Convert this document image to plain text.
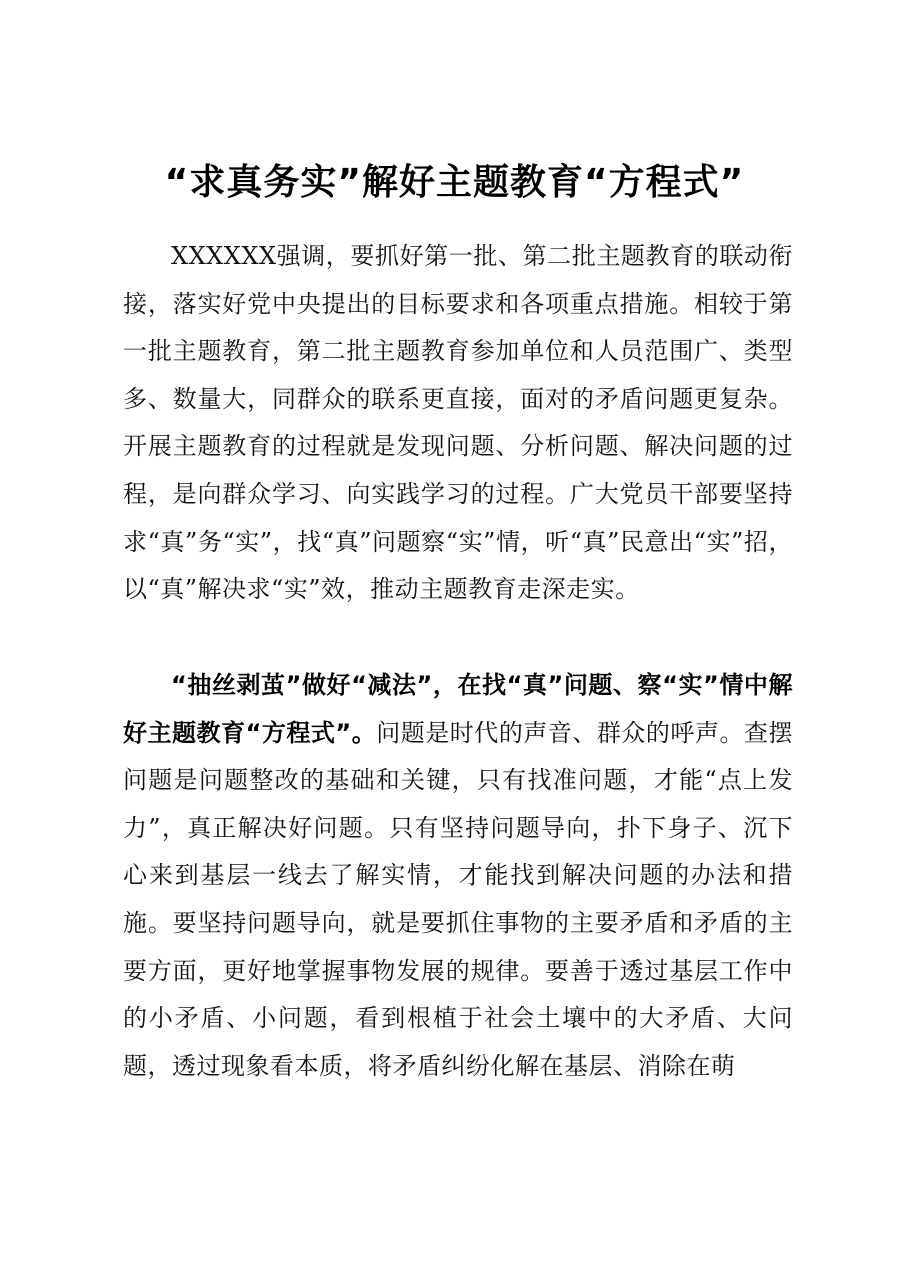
“求真务实”解好主题教育“方程式”

XXXXXX强调，要抓好第一批、第二批主题教育的联动衔接，落实好党中央提出的目标要求和各项重点措施。相较于第一批主题教育，第二批主题教育参加单位和人员范围广、类型多、数量大，同群众的联系更直接，面对的矛盾问题更复杂。开展主题教育的过程就是发现问题、分析问题、解决问题的过程，是向群众学习、向实践学习的过程。广大党员干部要坚持求“真”务“实”，找“真”问题察“实”情，听“真”民意出“实”招，以“真”解决求“实”效，推动主题教育走深走实。

“抽丝剥茧”做好“减法”，在找“真”问题、察“实”情中解好主题教育“方程式”。问题是时代的声音、群众的呼声。查摆问题是问题整改的基础和关键，只有找准问题，才能“点上发力”，真正解决好问题。只有坚持问题导向，扑下身子、沉下心来到基层一线去了解实情，才能找到解决问题的办法和措施。要坚持问题导向，就是要抓住事物的主要矛盾和矛盾的主要方面，更好地掌握事物发展的规律。要善于透过基层工作中的小矛盾、小问题，看到根植于社会土壤中的大矛盾、大问题，透过现象看本质，将矛盾纠纷化解在基层、消除在萌
